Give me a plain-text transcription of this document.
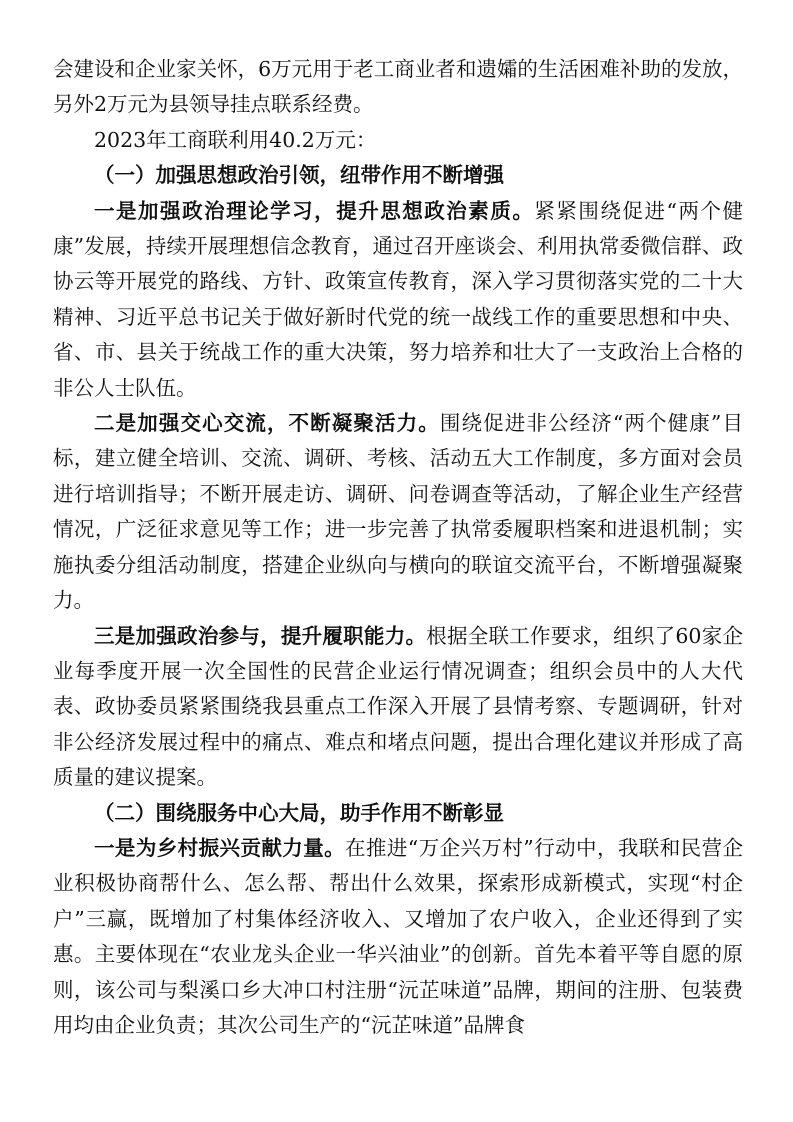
会建设和企业家关怀，6万元用于老工商业者和遗孀的生活困难补助的发放，另外2万元为县领导挂点联系经费。

2023年工商联利用40.2万元：

（一）加强思想政治引领，纽带作用不断增强

一是加强政治理论学习，提升思想政治素质。紧紧围绕促进“两个健康”发展，持续开展理想信念教育，通过召开座谈会、利用执常委微信群、政协云等开展党的路线、方针、政策宣传教育，深入学习贯彻落实党的二十大精神、习近平总书记关于做好新时代党的统一战线工作的重要思想和中央、省、市、县关于统战工作的重大决策，努力培养和壮大了一支政治上合格的非公人士队伍。

二是加强交心交流，不断凝聚活力。围绕促进非公经济“两个健康”目标，建立健全培训、交流、调研、考核、活动五大工作制度，多方面对会员进行培训指导；不断开展走访、调研、问卷调查等活动，了解企业生产经营情况，广泛征求意见等工作；进一步完善了执常委履职档案和进退机制；实施执委分组活动制度，搭建企业纵向与横向的联谊交流平台，不断增强凝聚力。

三是加强政治参与，提升履职能力。根据全联工作要求，组织了60家企业每季度开展一次全国性的民营企业运行情况调查；组织会员中的人大代表、政协委员紧紧围绕我县重点工作深入开展了县情考察、专题调研，针对非公经济发展过程中的痛点、难点和堵点问题，提出合理化建议并形成了高质量的建议提案。

（二）围绕服务中心大局，助手作用不断彰显

一是为乡村振兴贡献力量。在推进“万企兴万村”行动中，我联和民营企业积极协商帮什么、怎么帮、帮出什么效果，探索形成新模式，实现“村企户”三赢，既增加了村集体经济收入、又增加了农户收入，企业还得到了实惠。主要体现在“农业龙头企业一华兴油业”的创新。首先本着平等自愿的原则，该公司与梨溪口乡大冲口村注册“沅芷味道”品牌，期间的注册、包装费用均由企业负责；其次公司生产的“沅芷味道”品牌食
